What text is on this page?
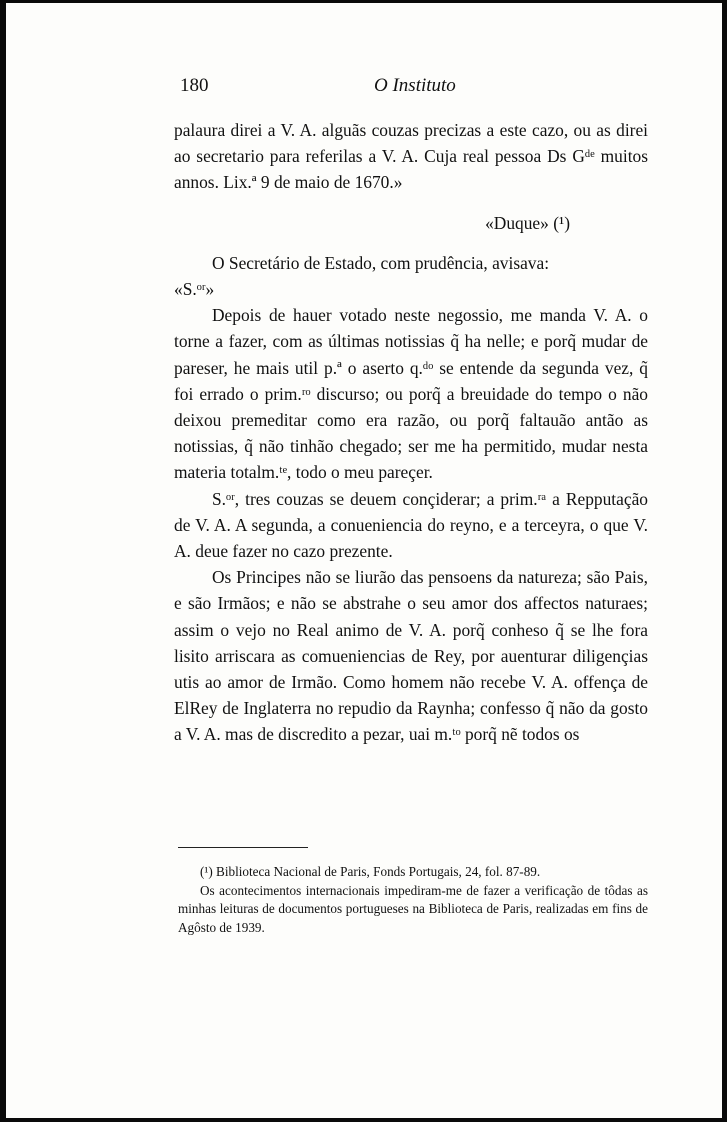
180	O Instituto

palaura direi a V. A. alguãs couzas precizas a este cazo, ou as direi ao secretario para referilas a V. A. Cuja real pessoa Ds Gᵈᵉ muitos annos. Lix.ª 9 de maio de 1670.»

«Duque» (¹)

O Secretário de Estado, com prudência, avisava:

«S.ᵒʳ»

Depois de hauer votado neste negossio, me manda V. A. o torne a fazer, com as últimas notissias q̃ ha nelle; e porq̃ mudar de pareser, he mais util p.ª o aserto q.ᵈᵒ se entende da segunda vez, q̃ foi errado o prim.ʳᵒ discurso; ou porq̃ a breuidade do tempo o não deixou premeditar como era razão, ou porq̃ faltauão antão as notissias, q̃ não tinhão chegado; ser me ha permitido, mudar nesta materia totalm.ᵗᵉ, todo o meu pareçer.

S.ᵒʳ, tres couzas se deuem conçiderar; a prim.ʳᵃ a Repputação de V. A. A segunda, a conueniencia do reyno, e a terceyra, o que V. A. deue fazer no cazo prezente.

Os Principes não se liurão das pensoens da natureza; são Pais, e são Irmãos; e não se abstrahe o seu amor dos affectos naturaes; assim o vejo no Real animo de V. A. porq̃ conheso q̃ se lhe fora lisito arriscara as comueniencias de Rey, por auenturar diligençias utis ao amor de Irmão. Como homem não recebe V. A. offença de ElRey de Inglaterra no repudio da Raynha; confesso q̃ não da gosto a V. A. mas de discredito a pezar, uai m.ᵗᵒ porq̃ nẽ todos os

(¹) Biblioteca Nacional de Paris, Fonds Portugais, 24, fol. 87-89.

Os acontecimentos internacionais impediram-me de fazer a verificação de tôdas as minhas leituras de documentos portugueses na Biblioteca de Paris, realizadas em fins de Agôsto de 1939.
